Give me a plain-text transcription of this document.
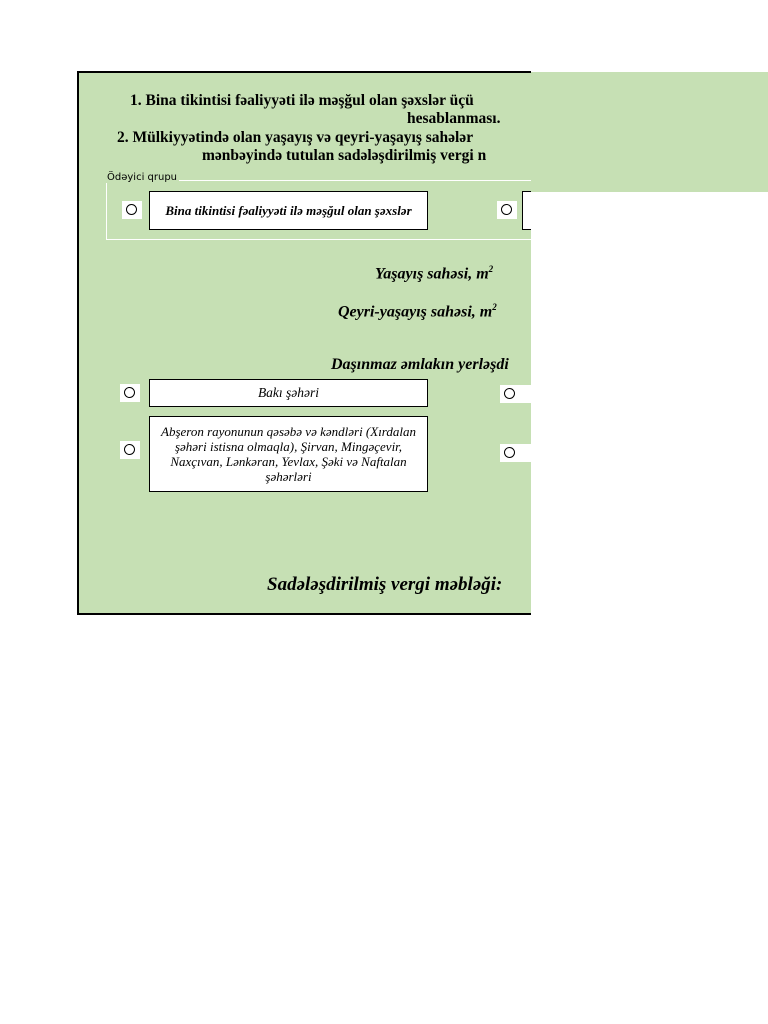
1. Bina tikintisi fəaliyyəti ilə məşğul olan şəxslər üçü
hesablanması.
2. Mülkiyyətində olan yaşayış və qeyri-yaşayış sahələr
mənbəyində tutulan sadələşdirilmiş vergi n
Ödəyici qrupu
Bina tikintisi fəaliyyəti ilə məşğul olan şəxslər
Yaşayış sahəsi, $m^2$
Qeyri-yaşayış sahəsi, $m^2$
Daşınmaz əmlakın yerləşdi
Bakı şəhəri
Abşeron rayonunun qəsəbə və kəndləri (Xırdalan şəhəri istisna olmaqla), Şirvan, Mingəçevir, Naxçıvan, Lənkəran, Yevlax, Şəki və Naftalan şəhərləri
Sadələşdirilmiş vergi məbləği:
